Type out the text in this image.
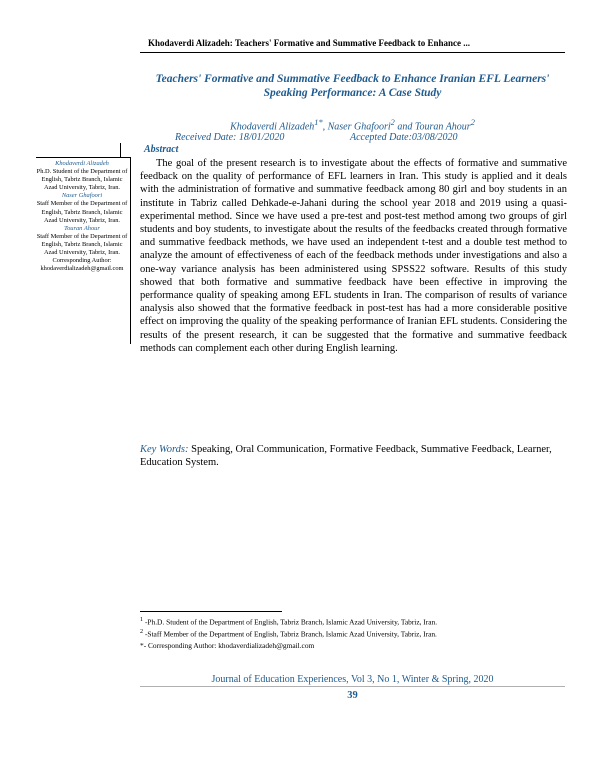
Khodaverdi Alizadeh: Teachers' Formative and Summative Feedback to Enhance ...
Teachers' Formative and Summative Feedback to Enhance Iranian EFL Learners' Speaking Performance: A Case Study
Khodaverdi Alizadeh$^{1*}$, Naser Ghafoori$^2$ and Touran Ahour$^2$
Received Date: 18/01/2020	Accepted Date:03/08/2020
Abstract
Khodaverdi Alizadeh
Ph.D. Student of the Department of English, Tabriz Branch, Islamic Azad University, Tabriz, Iran.
Naser Ghafoori
Staff Member of the Department of English, Tabriz Branch, Islamic Azad University, Tabriz, Iran.
Touran Ahour
Staff Member of the Department of English, Tabriz Branch, Islamic Azad University, Tabriz, Iran.
Corresponding Author:
khodaverdializadeh@gmail.com

The goal of the present research is to investigate about the effects of formative and summative feedback on the quality of performance of EFL learners in Iran. This study is applied and it deals with the administration of formative and summative feedback among 80 girl and boy students in an institute in Tabriz called Dehkade-e-Jahani during the school year 2018 and 2019 using a quasi-experimental method. Since we have used a pre-test and post-test method among two groups of girl students and boy students, to investigate about the results of the feedbacks created through formative and summative feedback methods, we have used an independent t-test and a double test method to analyze the amount of effectiveness of each of the feedback methods under investigations and also a one-way variance analysis has been administered using SPSS22 software. Results of this study showed that both formative and summative feedback have been effective in improving the performance quality of speaking among EFL students in Iran. The comparison of results of variance analysis also showed that the formative feedback in post-test has had a more considerable positive effect on improving the quality of the speaking performance of Iranian EFL students. Considering the results of the present research, it can be suggested that the formative and summative feedback methods can complement each other during English learning.

Key Words: Speaking, Oral Communication, Formative Feedback, Summative Feedback, Learner, Education System.

$^1$ -Ph.D. Student of the Department of English, Tabriz Branch, Islamic Azad University, Tabriz, Iran.

$^2$ -Staff Member of the Department of English, Tabriz Branch, Islamic Azad University, Tabriz, Iran.

*- Corresponding Author: khodaverdializadeh@gmail.com

Journal of Education Experiences, Vol 3, No 1, Winter & Spring, 2020
39
